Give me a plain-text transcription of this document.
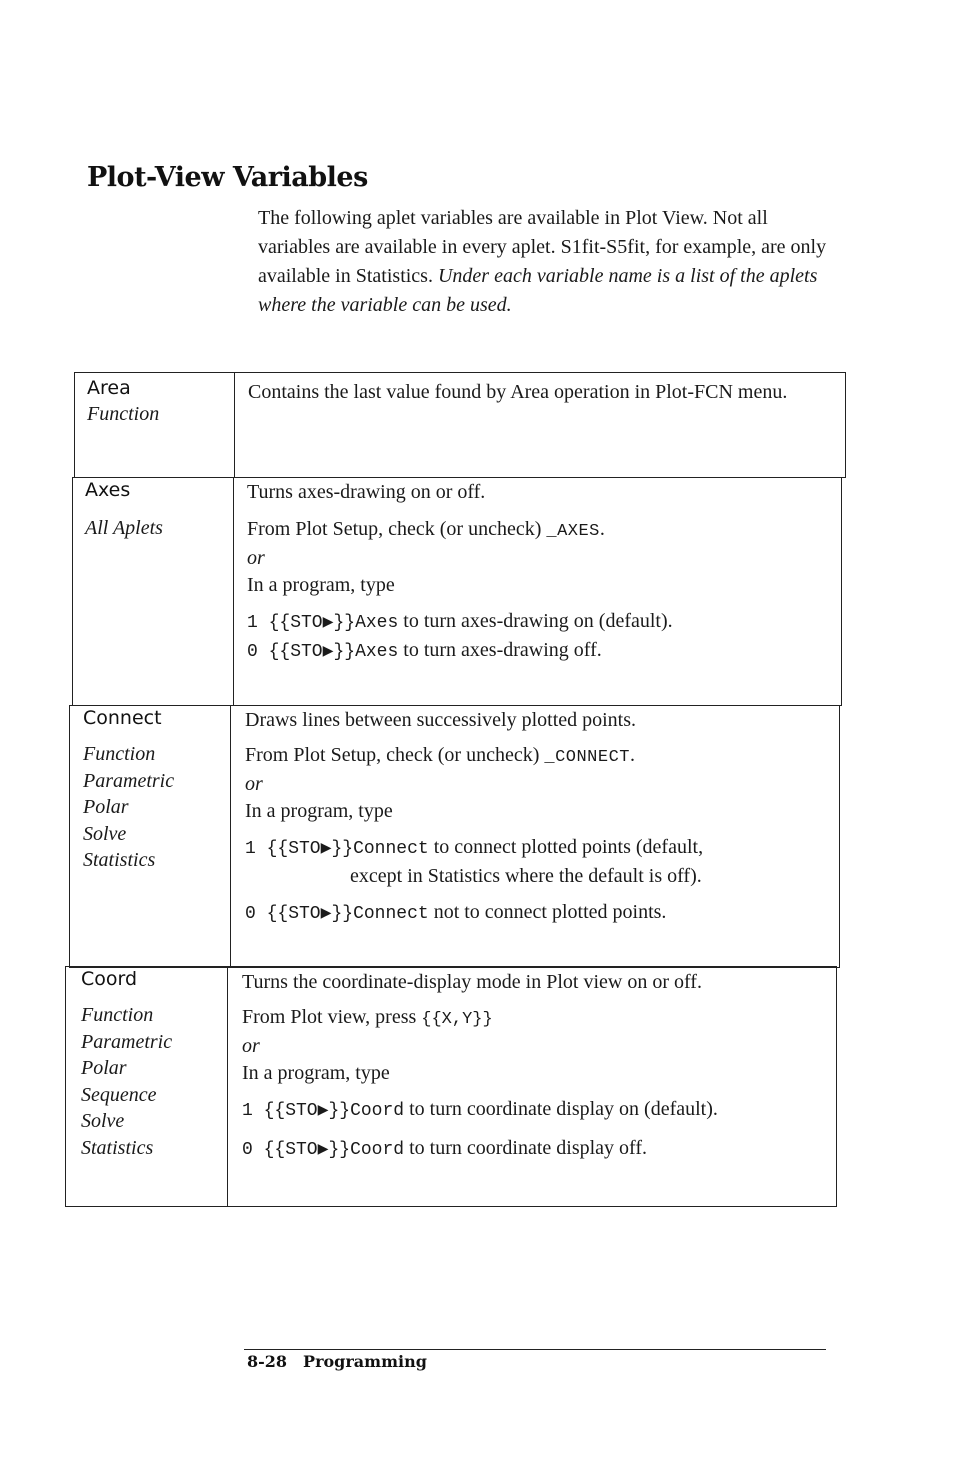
Plot-View Variables

The following aplet variables are available in Plot View. Not all variables are available in every aplet. S1fit-S5fit, for example, are only available in Statistics. Under each variable name is a list of the aplets where the variable can be used.

Area
Function
Contains the last value found by Area operation in Plot-FCN menu.
Axes
All Aplets
Turns axes-drawing on or off.
From Plot Setup, check (or uncheck) _AXES.
or
In a program, type
1 {{STO▶}}Axes to turn axes-drawing on (default).
0 {{STO▶}}Axes to turn axes-drawing off.
Connect
Function
Parametric
Polar
Solve
Statistics
Draws lines between successively plotted points.
From Plot Setup, check (or uncheck) _CONNECT.
or
In a program, type
1 {{STO▶}}Connect to connect plotted points (default,
except in Statistics where the default is off).
0 {{STO▶}}Connect not to connect plotted points.
Coord
Function
Parametric
Polar
Sequence
Solve
Statistics
Turns the coordinate-display mode in Plot view on or off.
From Plot view, press {{X,Y}}
or
In a program, type
1 {{STO▶}}Coord to turn coordinate display on (default).
0 {{STO▶}}Coord to turn coordinate display off.
8-28 Programming
